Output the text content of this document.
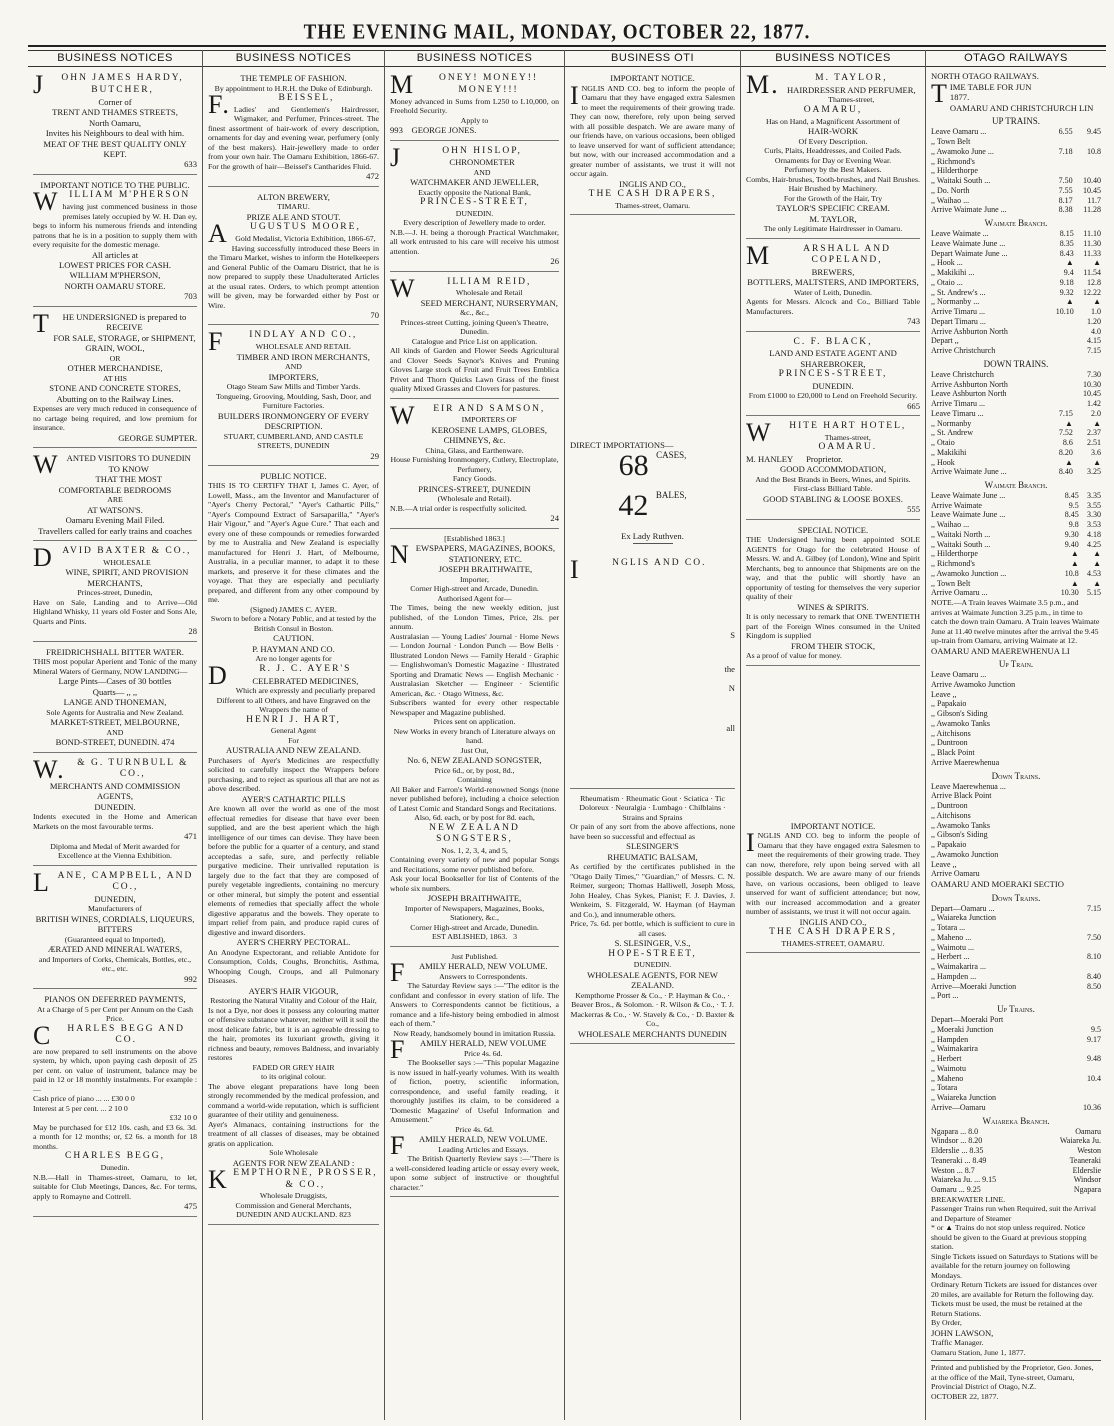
THE EVENING MAIL, MONDAY, OCTOBER 22, 1877.
BUSINESS NOTICES
J OHN JAMES HARDY,
BUTCHER,
Corner of
TRENT AND THAMES STREETS,
North Oamaru,
Invites his Neighbours to deal with him.
MEAT OF THE BEST QUALITY ONLY KEPT.
633
IMPORTANT NOTICE TO THE PUBLIC.
W ILLIAM M'PHERSON
having just commenced business in those premises lately occupied by W. H. Dan ey, begs to inform his numerous friends and intending patrons that he is in a position to supply them with every requisite for the domestic menage.
All articles at
LOWEST PRICES FOR CASH.
WILLIAM M'PHERSON,
NORTH OAMARU STORE.
703
T HE UNDERSIGNED is prepared to RECEIVE
FOR SALE, STORAGE, or SHIPMENT,
GRAIN, WOOL,
OR
OTHER MERCHANDISE,
AT HIS
STONE AND CONCRETE STORES,
Abutting on to the Railway Lines.
Expenses are very much reduced in consequence of no cartage being required, and low premium for insurance.
GEORGE SUMPTER.
W ANTED VISITORS TO DUNEDIN TO KNOW
THAT THE MOST
COMFORTABLE BEDROOMS
ARE
AT WATSON'S.
Oamaru Evening Mail Filed.
Travellers called for early trains and coaches
DAVID BAXTER & CO.,
WHOLESALE
WINE, SPIRIT, AND PROVISION MERCHANTS,
Princes-street, Dunedin,
Have on Sale, Landing and to Arrive—Old Highland Whisky, 11 years old Foster and Sons Ale, Quarts and Pints.
28
FREIDRICHSHALL BITTER WATER.
THIS most popular Aperient and Tonic of the many Mineral Waters of Germany, NOW LANDING—
Large Pints—Cases of 30 bottles
Quarts— ,, ,,
LANGE AND THONEMAN,
Sole Agents for Australia and New Zealand.
MARKET-STREET, MELBOURNE,
AND
BOND-STREET, DUNEDIN. 474
W. & G. TURNBULL & CO.,
MERCHANTS AND COMMISSION AGENTS,
DUNEDIN.
Indents executed in the Home and American Markets on the most favourable terms.
471
Diploma and Medal of Merit awarded for Excellence at the Vienna Exhibition.
LANE, CAMPBELL, AND CO.,
DUNEDIN,
Manufacturers of
BRITISH WINES, CORDIALS, LIQUEURS, BITTERS
(Guaranteed equal to Imported),
ÆRATED AND MINERAL WATERS,
and Importers of Corks, Chemicals, Bottles, etc., etc., etc.
992
PIANOS ON DEFERRED PAYMENTS,
At a Charge of 5 per Cent per Annum on the Cash Price.
C HARLES BEGG AND CO.
are now prepared to sell instruments on the above system, by which, upon paying cash deposit of 25 per cent. on value of instrument, balance may be paid in 12 or 18 monthly instalments. For example :—
Cash price of piano ... ... £30 0 0
Interest at 5 per cent. ... 2 10 0
£32 10 0
May be purchased for £12 10s. cash, and £3 6s. 3d. a month for 12 months; or, £2 6s. a month for 18 months.
CHARLES BEGG,
Dunedin.
N.B.—Hall in Thames-street, Oamaru, to let, suitable for Club Meetings, Dances, &c. For terms, apply to Romayne and Cottrell.
475
BUSINESS NOTICES
THE TEMPLE OF FASHION.
By appointment to H.R.H. the Duke of Edinburgh.
F.	BEISSEL,
Ladies' and Gentlemen's Hairdresser, Wigmaker, and Perfumer, Princes-street. The finest assortment of hair-work of every description, ornaments for day and evening wear, perfumery (only of the best makers). Hair-jewellery made to order from your own hair. The Oamaru Exhibition, 1866-67. For the growth of hair—Beissel's Cantharides Fluid.
472
ALTON BREWERY,
TIMARU.
PRIZE ALE AND STOUT.
A UGUSTUS MOORE,
Gold Medalist, Victoria Exhibition, 1866-67,
Having successfully introduced these Beers in the Timaru Market, wishes to inform the Hotelkeepers and General Public of the Oamaru District, that he is now prepared to supply these Unadulterated Articles at the usual rates. Orders, to which prompt attention will be given, may be forwarded either by Post or Wire.
70
F	INDLAY AND CO.,
WHOLESALE AND RETAIL
TIMBER AND IRON MERCHANTS,
AND
IMPORTERS,
Otago Steam Saw Mills and Timber Yards.
Tongueing, Grooving, Moulding, Sash, Door, and Furniture Factories.
BUILDERS IRONMONGERY OF EVERY DESCRIPTION.
STUART, CUMBERLAND, AND CASTLE STREETS, DUNEDIN
29
PUBLIC NOTICE.
THIS IS TO CERTIFY THAT I, James C. Ayer, of Lowell, Mass., am the Inventor and Manufacturer of "Ayer's Cherry Pectoral," "Ayer's Cathartic Pills," "Ayer's Compound Extract of Sarsaparilla," "Ayer's Hair Vigour," and "Ayer's Ague Cure." That each and every one of these compounds or remedies forwarded by me to Australia and New Zealand is especially manufactured for Henri J. Hart, of Melbourne, Australia, in a peculiar manner, to adapt it to these markets, and preserve it for these climates and the voyage. That they are especially and peculiarly prepared, and different from any other compound by me.
(Signed) JAMES C. AYER.
Sworn to before a Notary Public, and at tested by the British Consul in Boston.
CAUTION.
P. HAYMAN AND CO.
Are no longer agents for
D	R. J. C. AYER'S
CELEBRATED MEDICINES,
Which are expressly and peculiarly prepared Different to all Others, and have Engraved on the Wrappers the name of
HENRI J. HART,
General Agent
For
AUSTRALIA AND NEW ZEALAND.
Purchasers of Ayer's Medicines are respectfully solicited to carefully inspect the Wrappers before purchasing, and to reject as spurious all that are not as above described.
AYER'S CATHARTIC PILLS
Are known all over the world as one of the most effectual remedies for disease that have ever been supplied, and are the best aperient which the high intelligence of our times can devise. They have been before the public for a quarter of a century, and stand acceptedas a safe, sure, and perfectly reliable purgative medicine. Their unrivalled reputation is largely due to the fact that they are composed of purely vegetable ingredients, containing no mercury or other mineral, but simply the potent and essential elements of remedies that specially affect the whole digestive apparatus and the bowels. They operate to impart relief from pain, and produce rapid cures of digestive and inward disorders.
AYER'S CHERRY PECTORAL.
An Anodyne Expectorant, and reliable Antidote for Consumption, Colds, Coughs, Bronchitis, Asthma, Whooping Cough, Croups, and all Pulmonary Diseases.
AYER'S HAIR VIGOUR,
Restoring the Natural Vitality and Colour of the Hair,
Is not a Dye, nor does it possess any colouring matter or offensive substance whatever, neither will it soil the most delicate fabric, but it is an agreeable dressing to the hair, promotes its luxuriant growth, giving it richness and beauty, removes Baldness, and invariably restores
FADED OR GREY HAIR
to its original colour.
The above elegant preparations have long been strongly recommended by the medical profession, and command a world-wide reputation, which is sufficient guarantee of their utility and genuineness.
Ayer's Almanacs, containing instructions for the treatment of all classes of diseases, may be obtained gratis on application.
Sole Wholesale
AGENTS FOR NEW ZEALAND :
KEMPTHORNE, PROSSER, & CO.,
Wholesale Druggists,
Commission and General Merchants,
DUNEDIN AND AUCKLAND. 823
BUSINESS NOTICES
M	ONEY! MONEY!! MONEY!!!
Money advanced in Sums from L250 to L10,000, on Freehold Security.
Apply to
993 GEORGE JONES.
J	OHN HISLOP,
CHRONOMETER
AND
WATCHMAKER AND JEWELLER,
Exactly opposite the National Bank,
PRINCES-STREET,
DUNEDIN.
Every description of Jewellery made to order.
N.B.—J. H. being a thorough Practical Watchmaker, all work entrusted to his care will receive his utmost attention.
26
W	ILLIAM REID,
Wholesale and Retail
SEED MERCHANT, NURSERYMAN,
&c., &c.,
Princes-street Cutting, joining Queen's Theatre, Dunedin.
Catalogue and Price List on application.
All kinds of Garden and Flower Seeds Agricultural and Clover Seeds Saynor's Knives and Pruning Gloves Large stock of Fruit and Fruit Trees Emblica Privet and Thorn Quicks Lawn Grass of the finest quality Mixed Grasses and Clovers for pastures.
W EIR AND SAMSON,
IMPORTERS OF
KEROSENE LAMPS, GLOBES, CHIMNEYS, &c.
China, Glass, and Earthenware.
House Furnishing Ironmongery, Cutlery, Electroplate, Perfumery,
Fancy Goods.
PRINCES-STREET, DUNEDIN
(Wholesale and Retail).
N.B.—A trial order is respectfully solicited.
24
[Established 1863.]
NEWSPAPERS, MAGAZINES, BOOKS, STATIONERY, ETC.
JOSEPH BRAITHWAITE,
Importer,
Corner High-street and Arcade, Dunedin.
Authorised Agent for—
The Times, being the new weekly edition, just published, of the London Times, Price, 2ls. per annum.
Australasian — Young Ladies' Journal · Home News — London Journal · London Punch — Bow Bells · Illustrated London News — Family Herald · Graphic — Englishwoman's Domestic Magazine · Illustrated Sporting and Dramatic News — English Mechanic · Australasian Sketcher — Engineer · Scientific American, &c. · Otago Witness, &c.
Subscribers wanted for every other respectable Newspaper and Magazine published.
Prices sent on application.
New Works in every branch of Literature always on hand.
Just Out,
No. 6, NEW ZEALAND SONGSTER,
Price 6d., or, by post, 8d.,
Containing
All Baker and Farron's World-renowned Songs (none never published before), including a choice selection of Latest Comic and Standard Songs and Recitations.
Also, 6d. each, or by post for 8d. each,
NEW ZEALAND SONGSTERS,
Nos. 1, 2, 3, 4, and 5,
Containing every variety of new and popular Songs and Recitations, some never published before.
Ask your local Bookseller for list of Contents of the whole six numbers.
JOSEPH BRAITHWAITE,
Importer of Newspapers, Magazines, Books, Stationery, &c.,
Corner High-street and Arcade, Dunedin.
EST ABLISHED, 1863. 3
Just Published.
F AMILY HERALD, NEW VOLUME.
Answers to Correspondents.
The Saturday Review says :—"The editor is the confidant and confessor in every station of life. The Answers to Correspondents cannot be fictitious, a romance and a life-history being embodied in almost each of them."
Now Ready, handsomely bound in imitation Russia.
F AMILY HERALD, NEW VOLUME
Price 4s. 6d.
The Bookseller says :—"This popular Magazine is now issued in half-yearly volumes. With its wealth of fiction, poetry, scientific information, correspondence, and useful family reading, it thoroughly justifies its claim, to be considered a 'Domestic Magazine' of Useful Information and Amusement."
Price 4s. 6d.
F AMILY HERALD, NEW VOLUME.
Leading Articles and Essays.
The British Quarterly Review says :—"There is a well-considered leading article or essay every week, upon some subject of instructive or thoughtful character."
BUSINESS OTI
IMPORTANT NOTICE.
INGLIS AND CO. beg to inform the people of Oamaru that they have engaged extra Salesmen to meet the requirements of their growing trade. They can now, therefore, rely upon being served with all possible despatch. We are aware many of our friends have, on various occasions, been obliged to leave unserved for want of sufficient attendance; but now, with our increased accommodation and a greater number of assistants, we trust it will not occur again.
INGLIS AND CO.,
THE CASH DRAPERS,
Thames-street, Oamaru.
DIRECT IMPORTATIONS—
68 $^{CASES,}$
42 $^{BALES,}$
Ex Lady Ruthven.
I	NGLIS AND CO.
S
the
N
all
Rheumatism · Rheumatic Gout · Sciatica · Tic Doloreux · Neuralgia · Lumbago · Chilblains · Strains and Sprains
Or pain of any sort from the above affections, none have been so successful and effectual as
SLESINGER'S
RHEUMATIC BALSAM,
As certified by the certificates published in the "Otago Daily Times," "Guardian," of Messrs. C. N. Reimer, surgeon; Thomas Halliwell, Joseph Moss, John Healey, Chas Sykes, Pianist; F. J. Davies, J. Wenkeim, S. Fitzgerald, W. Hayman (of Hayman and Co.), and innumerable others.
Price, 7s. 6d. per bottle, which is sufficient to cure in all cases.
S. SLESINGER, V.S.,
HOPE-STREET,
DUNEDIN.
WHOLESALE AGENTS, FOR NEW ZEALAND.
Kempthorne Prosser & Co., · P. Hayman & Co., · Beaver Bros., & Solomon. · R. Wilson & Co., · T. J. Mackerras & Co., · W. Stavely & Co., · D. Baxter & Co.,
WHOLESALE MERCHANTS DUNEDIN
BUSINESS NOTICES
M.	M. TAYLOR,
HAIRDRESSER AND PERFUMER,
Thames-street,
OAMARU,
Has on Hand, a Magnificent Assortment of
HAIR-WORK
Of Every Description.
Curls, Plaits, Headdresses, and Coiled Pads.
Ornaments for Day or Evening Wear.
Perfumery by the Best Makers.
Combs, Hair-brushes, Tooth-brushes, and Nail Brushes.
Hair Brushed by Machinery.
For the Growth of the Hair, Try
TAYLOR'S SPECIFIC CREAM.
M. TAYLOR,
The only Legitimate Hairdresser in Oamaru.
M	ARSHALL AND COPELAND,
BREWERS,
BOTTLERS, MALTSTERS, AND IMPORTERS,
Water of Leith, Dunedin.
Agents for Messrs. Alcock and Co., Billiard Table Manufacturers.
743
C. F. BLACK,
LAND AND ESTATE AGENT AND SHAREBROKER,
PRINCES-STREET,
DUNEDIN.
From £1000 to £20,000 to Lend on Freehold Security.
665
W HITE HART HOTEL,
Thames-street,
OAMARU.
M. HANLEY Proprietor.
GOOD ACCOMMODATION,
And the Best Brands in Beers, Wines, and Spirits.
First-class Billiard Table.
GOOD STABLING & LOOSE BOXES.
555
SPECIAL NOTICE.
THE Undersigned having been appointed SOLE AGENTS for Otago for the celebrated House of Messrs. W. and A. Gilbey (of London), Wine and Spirit Merchants, beg to announce that Shipments are on the way, and that the public will shortly have an opportunity of testing for themselves the very superior quality of their
WINES & SPIRITS.
It is only necessary to remark that ONE TWENTIETH part of the Foreign Wines consumed in the United Kingdom is supplied
FROM THEIR STOCK,
As a proof of value for money.
IMPORTANT NOTICE.
INGLIS AND CO. beg to inform the people of Oamaru that they have engaged extra Salesmen to meet the requirements of their growing trade. They can now, therefore, rely upon being served with all possible despatch. We are aware many of our friends have, on various occasions, been obliged to leave unserved for want of sufficient attendance; but now, with our increased accommodation and a greater number of assistants, we trust it will not occur again.
INGLIS AND CO.,
THE CASH DRAPERS,
THAMES-STREET, OAMARU.
OTAGO RAILWAYS
NORTH OTAGO RAILWAYS.
TIME TABLE FOR JUN
1877.
OAMARU AND CHRISTCHURCH LIN
UP TRAINS.
Leave Oamaru ...	6.55	9.45
,, Town Belt		
,, Awamoko June ...	7.18	10.8
,, Richmond's		
,, Hilderthorpe		
,, Waitaki South ...	7.50	10.40
,, Do. North	7.55	10.45
,, Waihao ...	8.17	11.7
Arrive Waimate June ...	8.38	11.28
Waimate Branch.
Leave Waimate ...	8.15	11.10
Leave Waimate June ...	8.35	11.30
Depart Waimate June ...	8.43	11.33
,, Hook ...	▲	▲
,, Makikihi ...	9.4	11.54
,, Otaio ...	9.18	12.8
,, St. Andrew's ...	9.32	12.22
,, Normanby ...	▲	▲
Arrive Timaru ...	10.10	1.0
Depart Timaru ...		1.20
Arrive Ashburton North		4.0
Depart ,,		4.15
Arrive Christchurch		7.15
DOWN TRAINS.
Leave Christchurch		7.30
Arrive Ashburton North		10.30
Leave Ashburton North		10.45
Arrive Timaru ...		1.42
Leave Timaru ...	7.15	2.0
,, Normanby	▲	▲
,, St. Andrew	7.52	2.37
,, Otaio	8.6	2.51
,, Makikihi	8.20	3.6
,, Hook	▲	▲
Arrive Waimate June ...	8.40	3.25
Waimate Branch.
Leave Waimate June ...	8.45	3.35
Arrive Waimate	9.5	3.55
Leave Waimate June ...	8.45	3.30
,, Waihao ...	9.8	3.53
,, Waitaki North ...	9.30	4.18
,, Waitaki South ...	9.40	4.25
,, Hilderthorpe	▲	▲
,, Richmond's	▲	▲
,, Awamoko Junction ...	10.8	4.53
,, Town Belt	▲	▲
Arrive Oamaru ...	10.30	5.15
NOTE.—A Train leaves Waimate 3.5 p.m., and arrives at Waimate Junction 3.25 p.m., in time to catch the down train Oamaru. A Train leaves Waimate June at 11.40 twelve minutes after the arrival the 9.45 up-train from Oamaru, arriving Waimate at 12.
OAMARU AND MAEREWHENUA LI
Up Train.
Leave Oamaru ...		
Arrive Awamoko Junction		
Leave ,,		
,, Papakaio		
,, Gibson's Siding		
,, Awamoko Tanks		
,, Aitchisons		
,, Duntroon		
,, Black Point		
Arrive Maerewhenua		
Down Trains.
Leave Maerewhenua ...		
Arrive Black Point		
,, Duntroon		
,, Aitchisons		
,, Awamoko Tanks		
,, Gibson's Siding		
,, Papakaio		
,, Awamoko Junction		
Leave ,,		
Arrive Oamaru		
OAMARU AND MOERAKI SECTIO
Down Trains.
Depart—Oamaru ...	7.15	
,, Waiareka Junction		
,, Totara ...		
,, Maheno ...	7.50	
,, Waimotu ...		
,, Herbert ...	8.10	
,, Waimakarira ...		
,, Hampden ...	8.40	
Arrive—Moeraki Junction	8.50	
,, Port ...		
Up Trains.
Depart—Moeraki Port		
,, Moeraki Junction	9.5	
,, Hampden	9.17	
,, Waimakarira		
,, Herbert	9.48	
,, Waimotu		
,, Maheno	10.4	
,, Totara		
,, Waiareka Junction		
Arrive—Oamaru	10.36	
Waiareka Branch.
Ngapara ... 8.0	Oamaru
Windsor ... 8.20	Waiareka Ju.
Elderslie ... 8.35	Weston
Teaneraki ... 8.49	Teaneraki
Weston ... 8.7	Elderslie
Waiareka Ju. ... 9.15	Windsor
Oamaru ... 9.25	Ngapara
BREAKWATER LINE.
Passenger Trains run when Required, suit the Arrival and Departure of Steamer
* or ▲ Trains do not stop unless required. Notice should be given to the Guard at previous stopping station.
Single Tickets issued on Saturdays to Stations will be available for the return journey on following Mondays.
Ordinary Return Tickets are issued for distances over 20 miles, are available for Return the following day. Tickets must be used, the must be retained at the Return Stations.
By Order,
JOHN LAWSON,
Traffic Manager.
Oamaru Station, June 1, 1877.
Printed and published by the Proprietor, Geo. Jones, at the office of the Mail, Tyne-street, Oamaru, Provincial District of Otago, N.Z.
OCTOBER 22, 1877.
